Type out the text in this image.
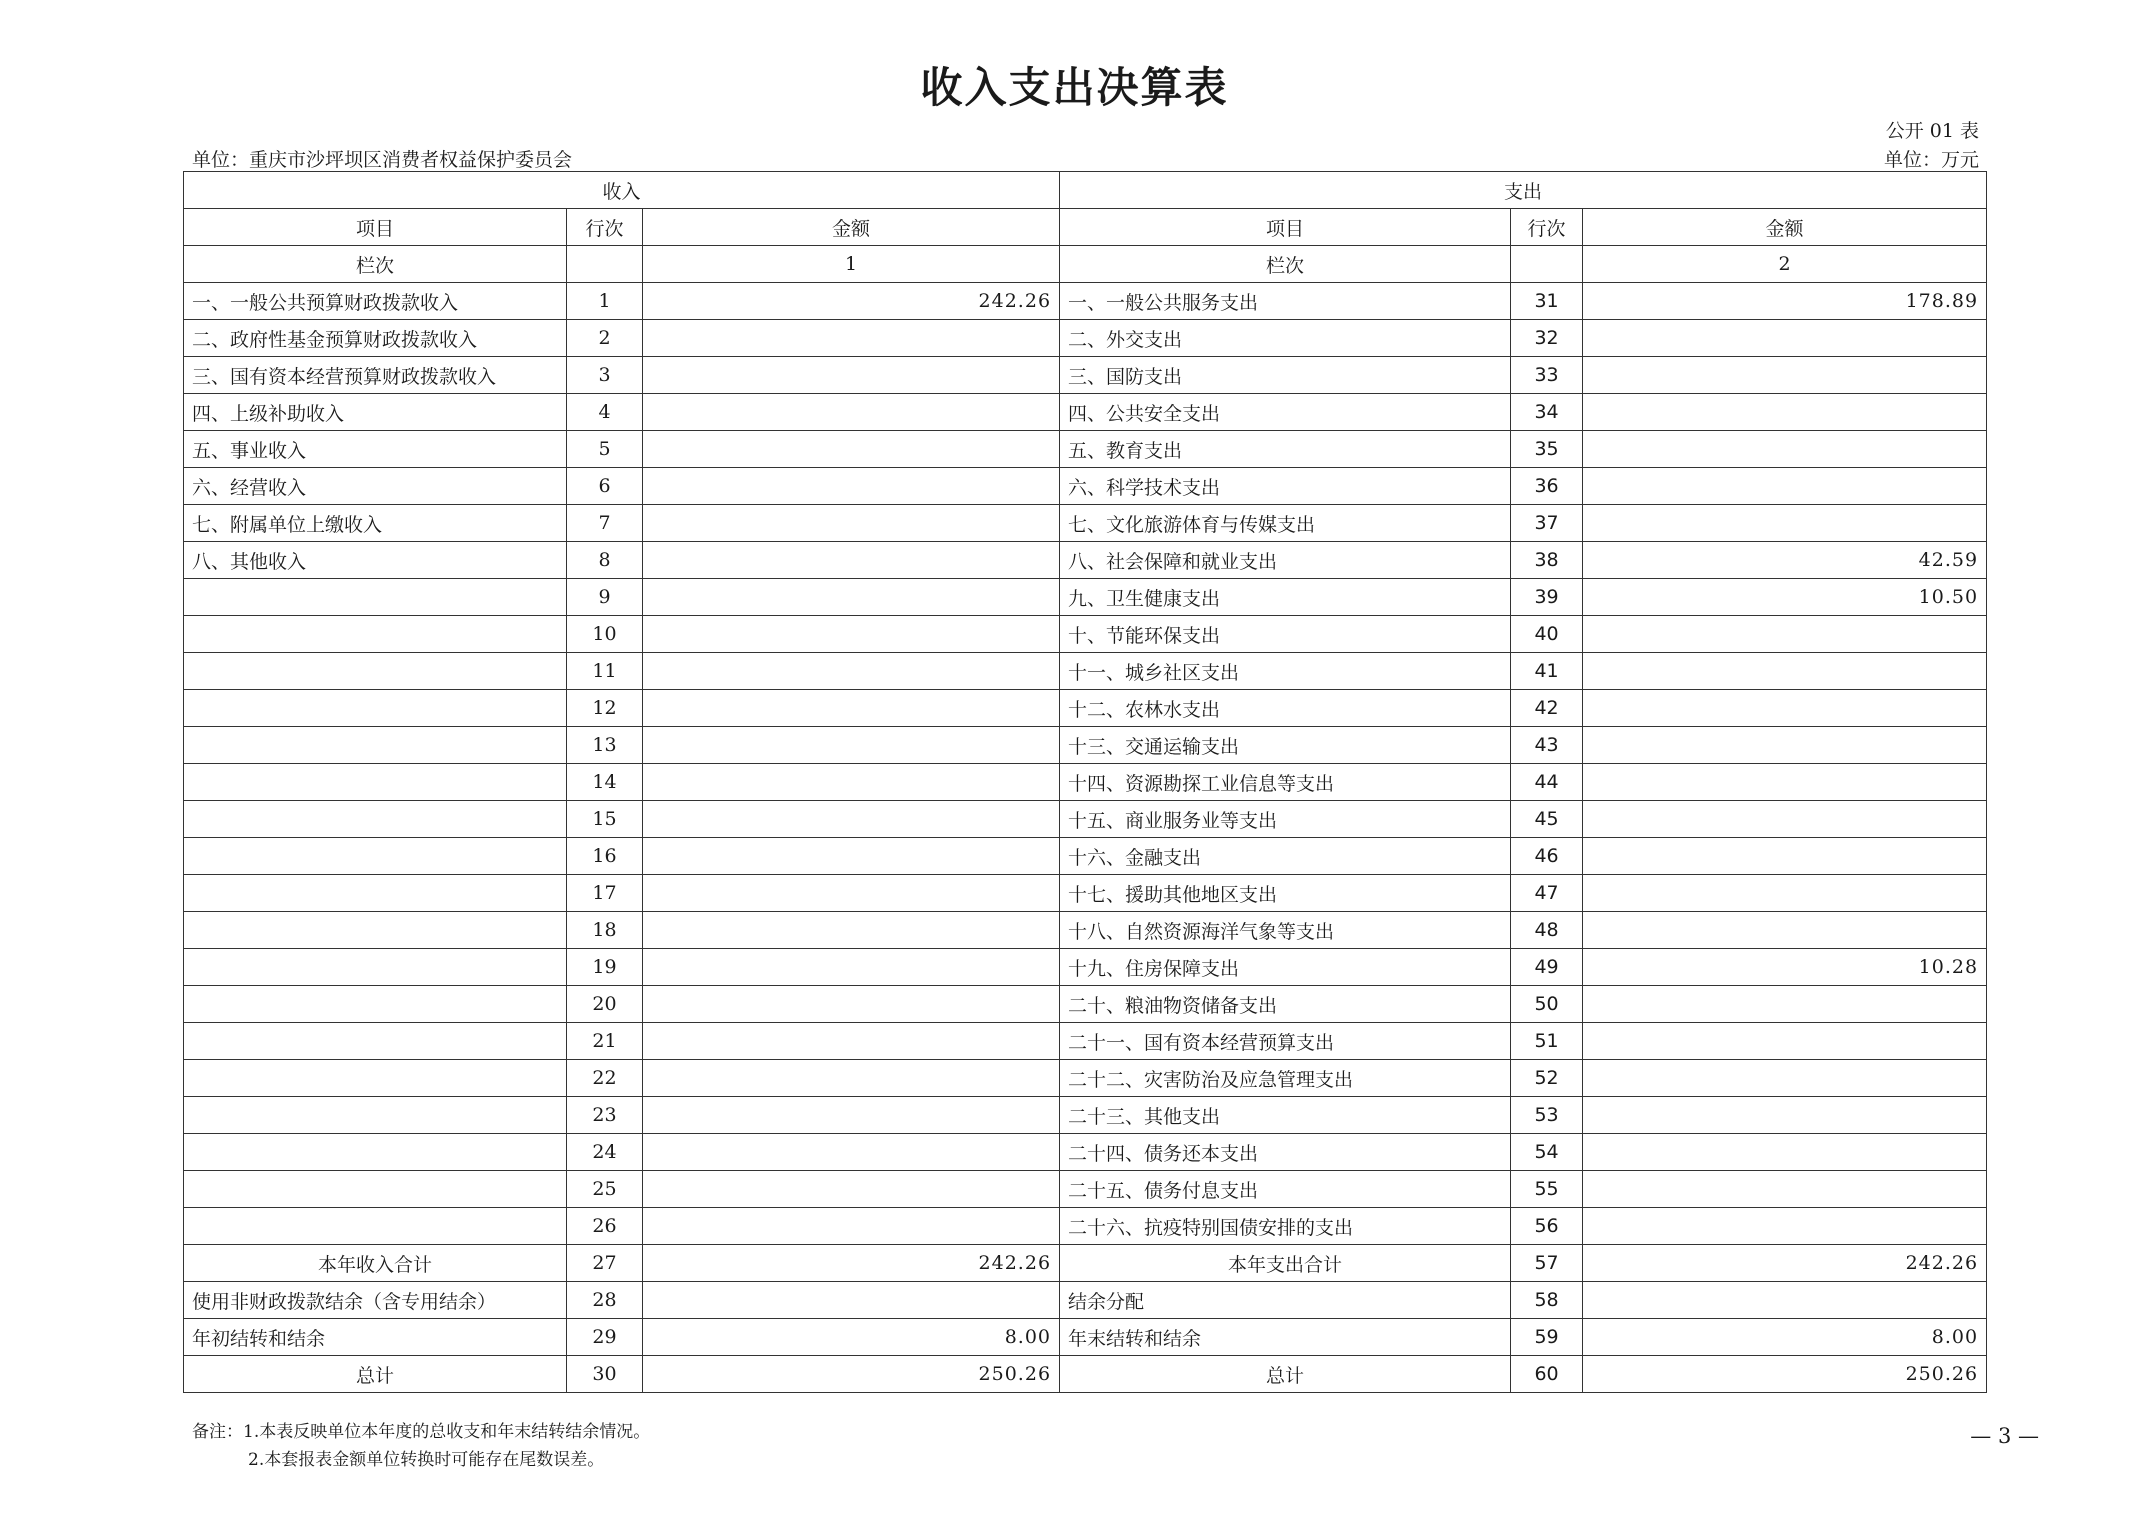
收入支出决算表
公开 01 表
单位：重庆市沙坪坝区消费者权益保护委员会	单位：万元
收入			支出		
项目	行次	金额	项目	行次	金额
栏次		1	栏次		2
一、一般公共预算财政拨款收入	1	242.26	一、一般公共服务支出	31	178.89
二、政府性基金预算财政拨款收入	2		二、外交支出	32	
三、国有资本经营预算财政拨款收入	3		三、国防支出	33	
四、上级补助收入	4		四、公共安全支出	34	
五、事业收入	5		五、教育支出	35	
六、经营收入	6		六、科学技术支出	36	
七、附属单位上缴收入	7		七、文化旅游体育与传媒支出	37	
八、其他收入	8		八、社会保障和就业支出	38	42.59
	9		九、卫生健康支出	39	10.50
	10		十、节能环保支出	40	
	11		十一、城乡社区支出	41	
	12		十二、农林水支出	42	
	13		十三、交通运输支出	43	
	14		十四、资源勘探工业信息等支出	44	
	15		十五、商业服务业等支出	45	
	16		十六、金融支出	46	
	17		十七、援助其他地区支出	47	
	18		十八、自然资源海洋气象等支出	48	
	19		十九、住房保障支出	49	10.28
	20		二十、粮油物资储备支出	50	
	21		二十一、国有资本经营预算支出	51	
	22		二十二、灾害防治及应急管理支出	52	
	23		二十三、其他支出	53	
	24		二十四、债务还本支出	54	
	25		二十五、债务付息支出	55	
	26		二十六、抗疫特别国债安排的支出	56	
本年收入合计	27	242.26	本年支出合计	57	242.26
使用非财政拨款结余（含专用结余）	28		结余分配	58	
年初结转和结余	29	8.00	年末结转和结余	59	8.00
总计	30	250.26	总计	60	250.26
备注：1.本表反映单位本年度的总收支和年末结转结余情况。
2.本套报表金额单位转换时可能存在尾数误差。
— 3 —
